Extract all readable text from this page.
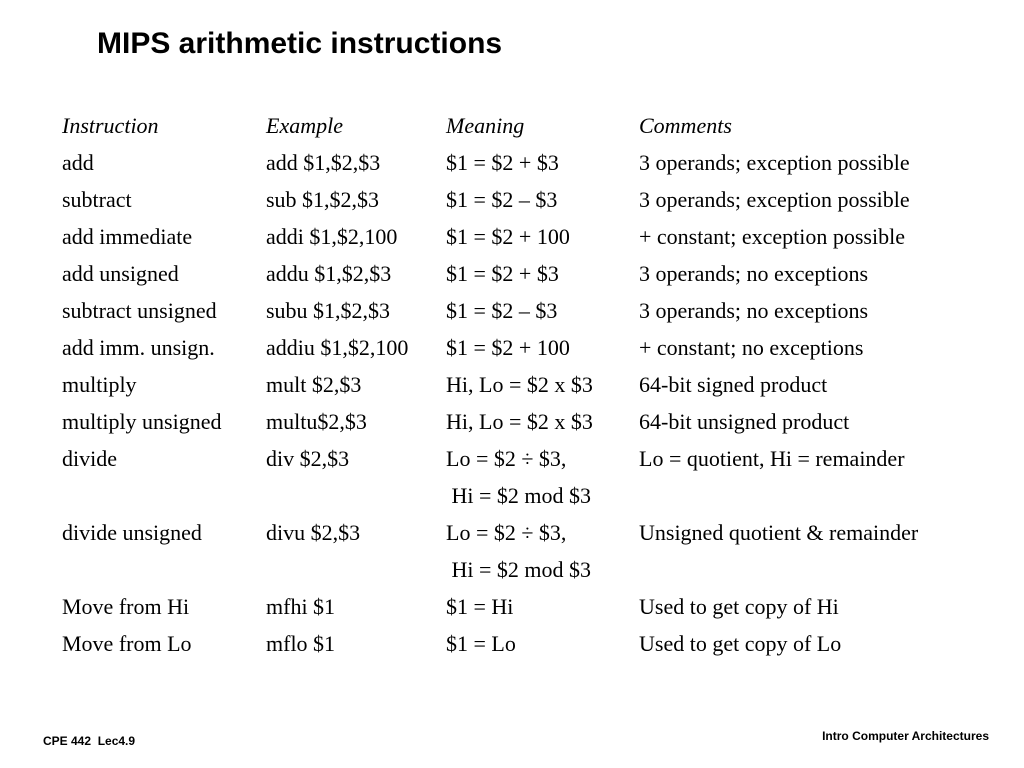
MIPS arithmetic instructions
Instruction	Example	Meaning	Comments
add	add $1,$2,$3	$1 = $2 + $3	3 operands; exception possible
subtract	sub $1,$2,$3	$1 = $2 – $3	3 operands; exception possible
add immediate	addi $1,$2,100	$1 = $2 + 100	+ constant; exception possible
add unsigned	addu $1,$2,$3	$1 = $2 + $3	3 operands; no exceptions
subtract unsigned	subu $1,$2,$3	$1 = $2 – $3	3 operands; no exceptions
add imm. unsign.	addiu $1,$2,100	$1 = $2 + 100	+ constant; no exceptions
multiply	mult $2,$3	Hi, Lo = $2 x $3	64-bit signed product
multiply unsigned	multu$2,$3	Hi, Lo = $2 x $3	64-bit unsigned product
divide	div $2,$3	Lo = $2 ÷ $3,	Lo = quotient, Hi = remainder
Hi = $2 mod $3
divide unsigned	divu $2,$3	Lo = $2 ÷ $3,	Unsigned quotient & remainder
Hi = $2 mod $3
Move from Hi	mfhi $1	$1 = Hi	Used to get copy of Hi
Move from Lo	mflo $1	$1 = Lo	Used to get copy of Lo
CPE 442  Lec4.9	Intro Computer Architectures
